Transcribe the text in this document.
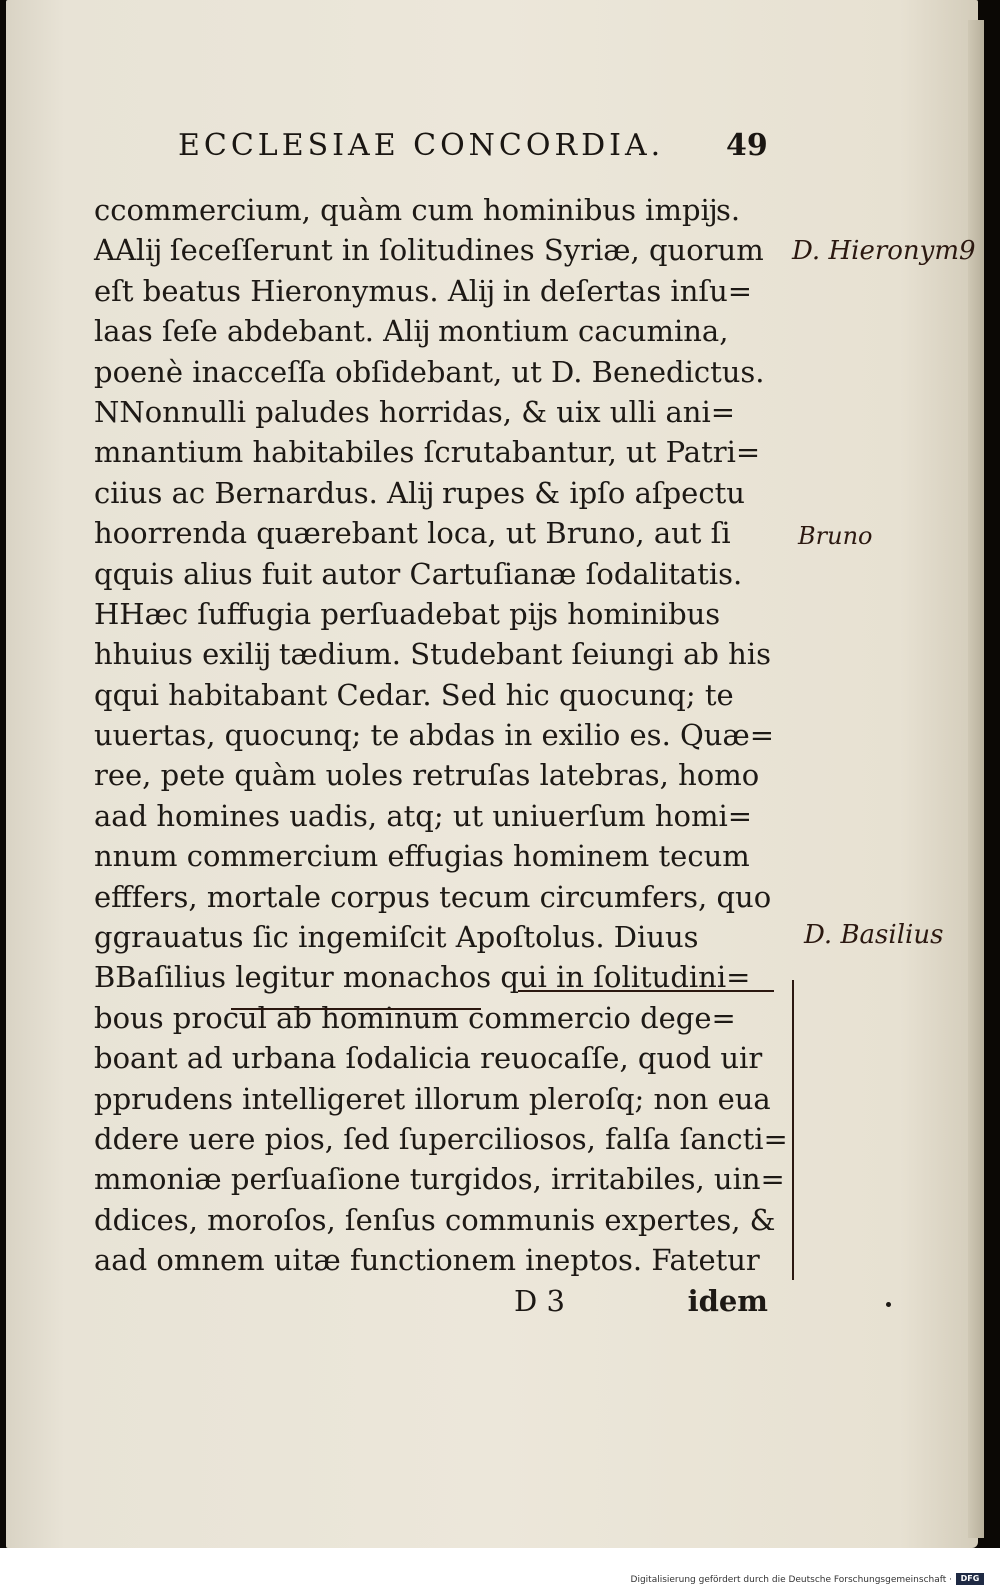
ECCLESIAE CONCORDIA. 49
ccommercium, quàm cum hominibus impĳs.
AAlĳ ſeceſſerunt in ſolitudines Syriæ, quorum
eſt beatus Hieronymus. Alĳ in deſertas inſu=
laas ſeſe abdebant. Alĳ montium cacumina,
poenè inacceſſa obſidebant, ut D. Benedictus.
NNonnulli paludes horridas, & uix ulli ani=
mnantium habitabiles ſcrutabantur, ut Patri=
ciius ac Bernardus. Alĳ rupes & ipſo aſpectu
hoorrenda quærebant loca, ut Bruno, aut ſi
qquis alius fuit autor Cartuſianæ ſodalitatis.
HHæc ſuffugia perſuadebat pĳs hominibus
hhuius exilĳ tædium. Studebant ſeiungi ab his
qqui habitabant Cedar. Sed hic quocunq; te
uuertas, quocunq; te abdas in exilio es. Quæ=
ree, pete quàm uoles retruſas latebras, homo
aad homines uadis, atq; ut uniuerſum homi=
nnum commercium effugias hominem tecum
efffers, mortale corpus tecum circumfers, quo
ggrauatus ſic ingemiſcit Apoſtolus. Diuus
BBaſilius legitur monachos qui in ſolitudini=
bous procul ab hominum commercio dege=
boant ad urbana ſodalicia reuocaſſe, quod uir
pprudens intelligeret illorum pleroſq; non eua
ddere uere pios, ſed ſuperciliosos, falſa ſancti=
mmoniæ perſuaſione turgidos, irritabiles, uin=
ddices, moroſos, ſenſus communis expertes, &
aad omnem uitæ functionem ineptos. Fatetur
D. Hieronym9
Bruno
D. Basilius
D 3	idem
Digitalisierung gefördert durch die Deutsche Forschungsgemeinschaft ·	DFG
